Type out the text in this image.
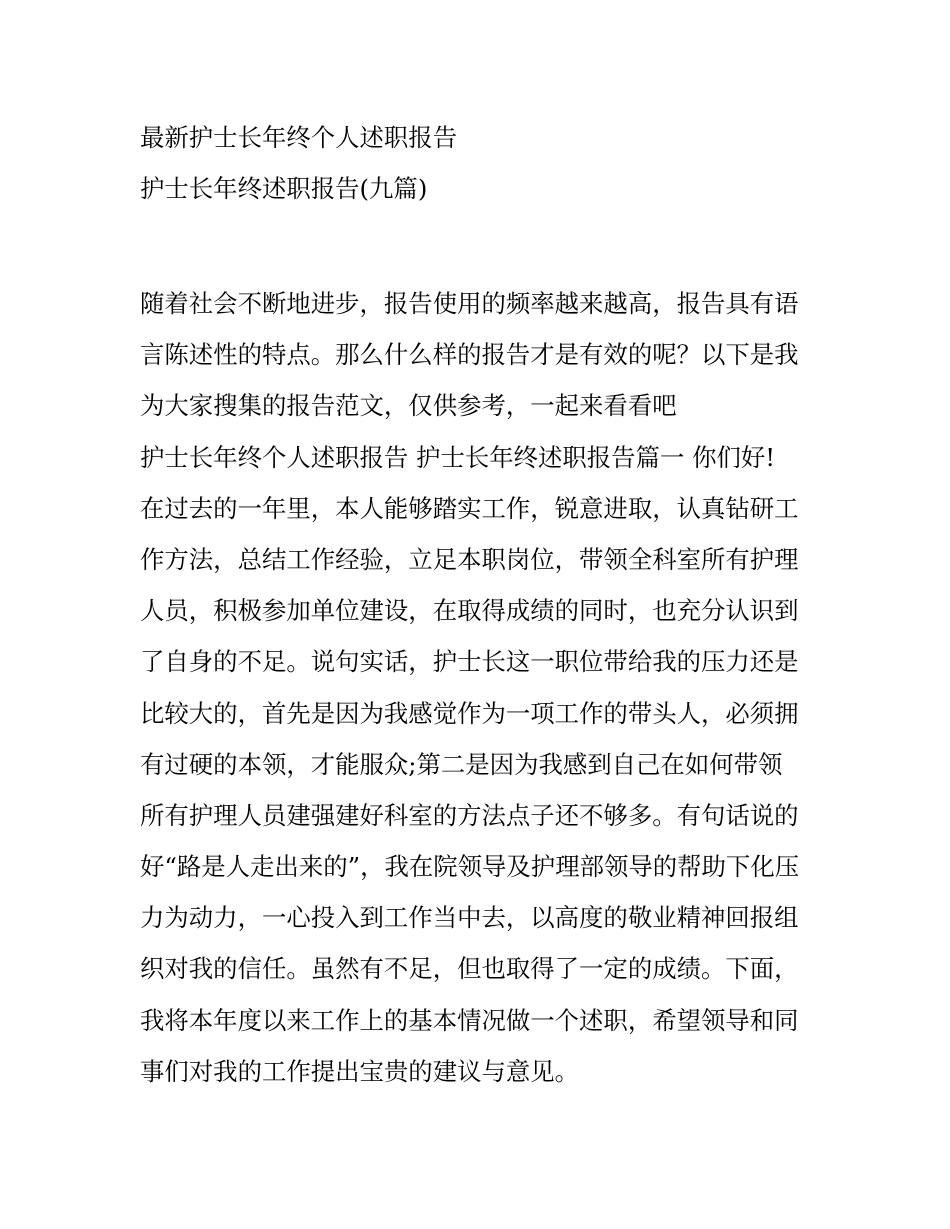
最新护士长年终个人述职报告
护士长年终述职报告(九篇)
随着社会不断地进步，报告使用的频率越来越高，报告具有语
言陈述性的特点。那么什么样的报告才是有效的呢？以下是我
为大家搜集的报告范文，仅供参考，一起来看看吧
护士长年终个人述职报告 护士长年终述职报告篇一 你们好!
在过去的一年里，本人能够踏实工作，锐意进取，认真钻研工
作方法，总结工作经验，立足本职岗位，带领全科室所有护理
人员，积极参加单位建设，在取得成绩的同时，也充分认识到
了自身的不足。说句实话，护士长这一职位带给我的压力还是
比较大的，首先是因为我感觉作为一项工作的带头人，必须拥
有过硬的本领，才能服众;第二是因为我感到自己在如何带领
所有护理人员建强建好科室的方法点子还不够多。有句话说的
好“路是人走出来的”，我在院领导及护理部领导的帮助下化压
力为动力，一心投入到工作当中去，以高度的敬业精神回报组
织对我的信任。虽然有不足，但也取得了一定的成绩。下面，
我将本年度以来工作上的基本情况做一个述职，希望领导和同
事们对我的工作提出宝贵的建议与意见。
